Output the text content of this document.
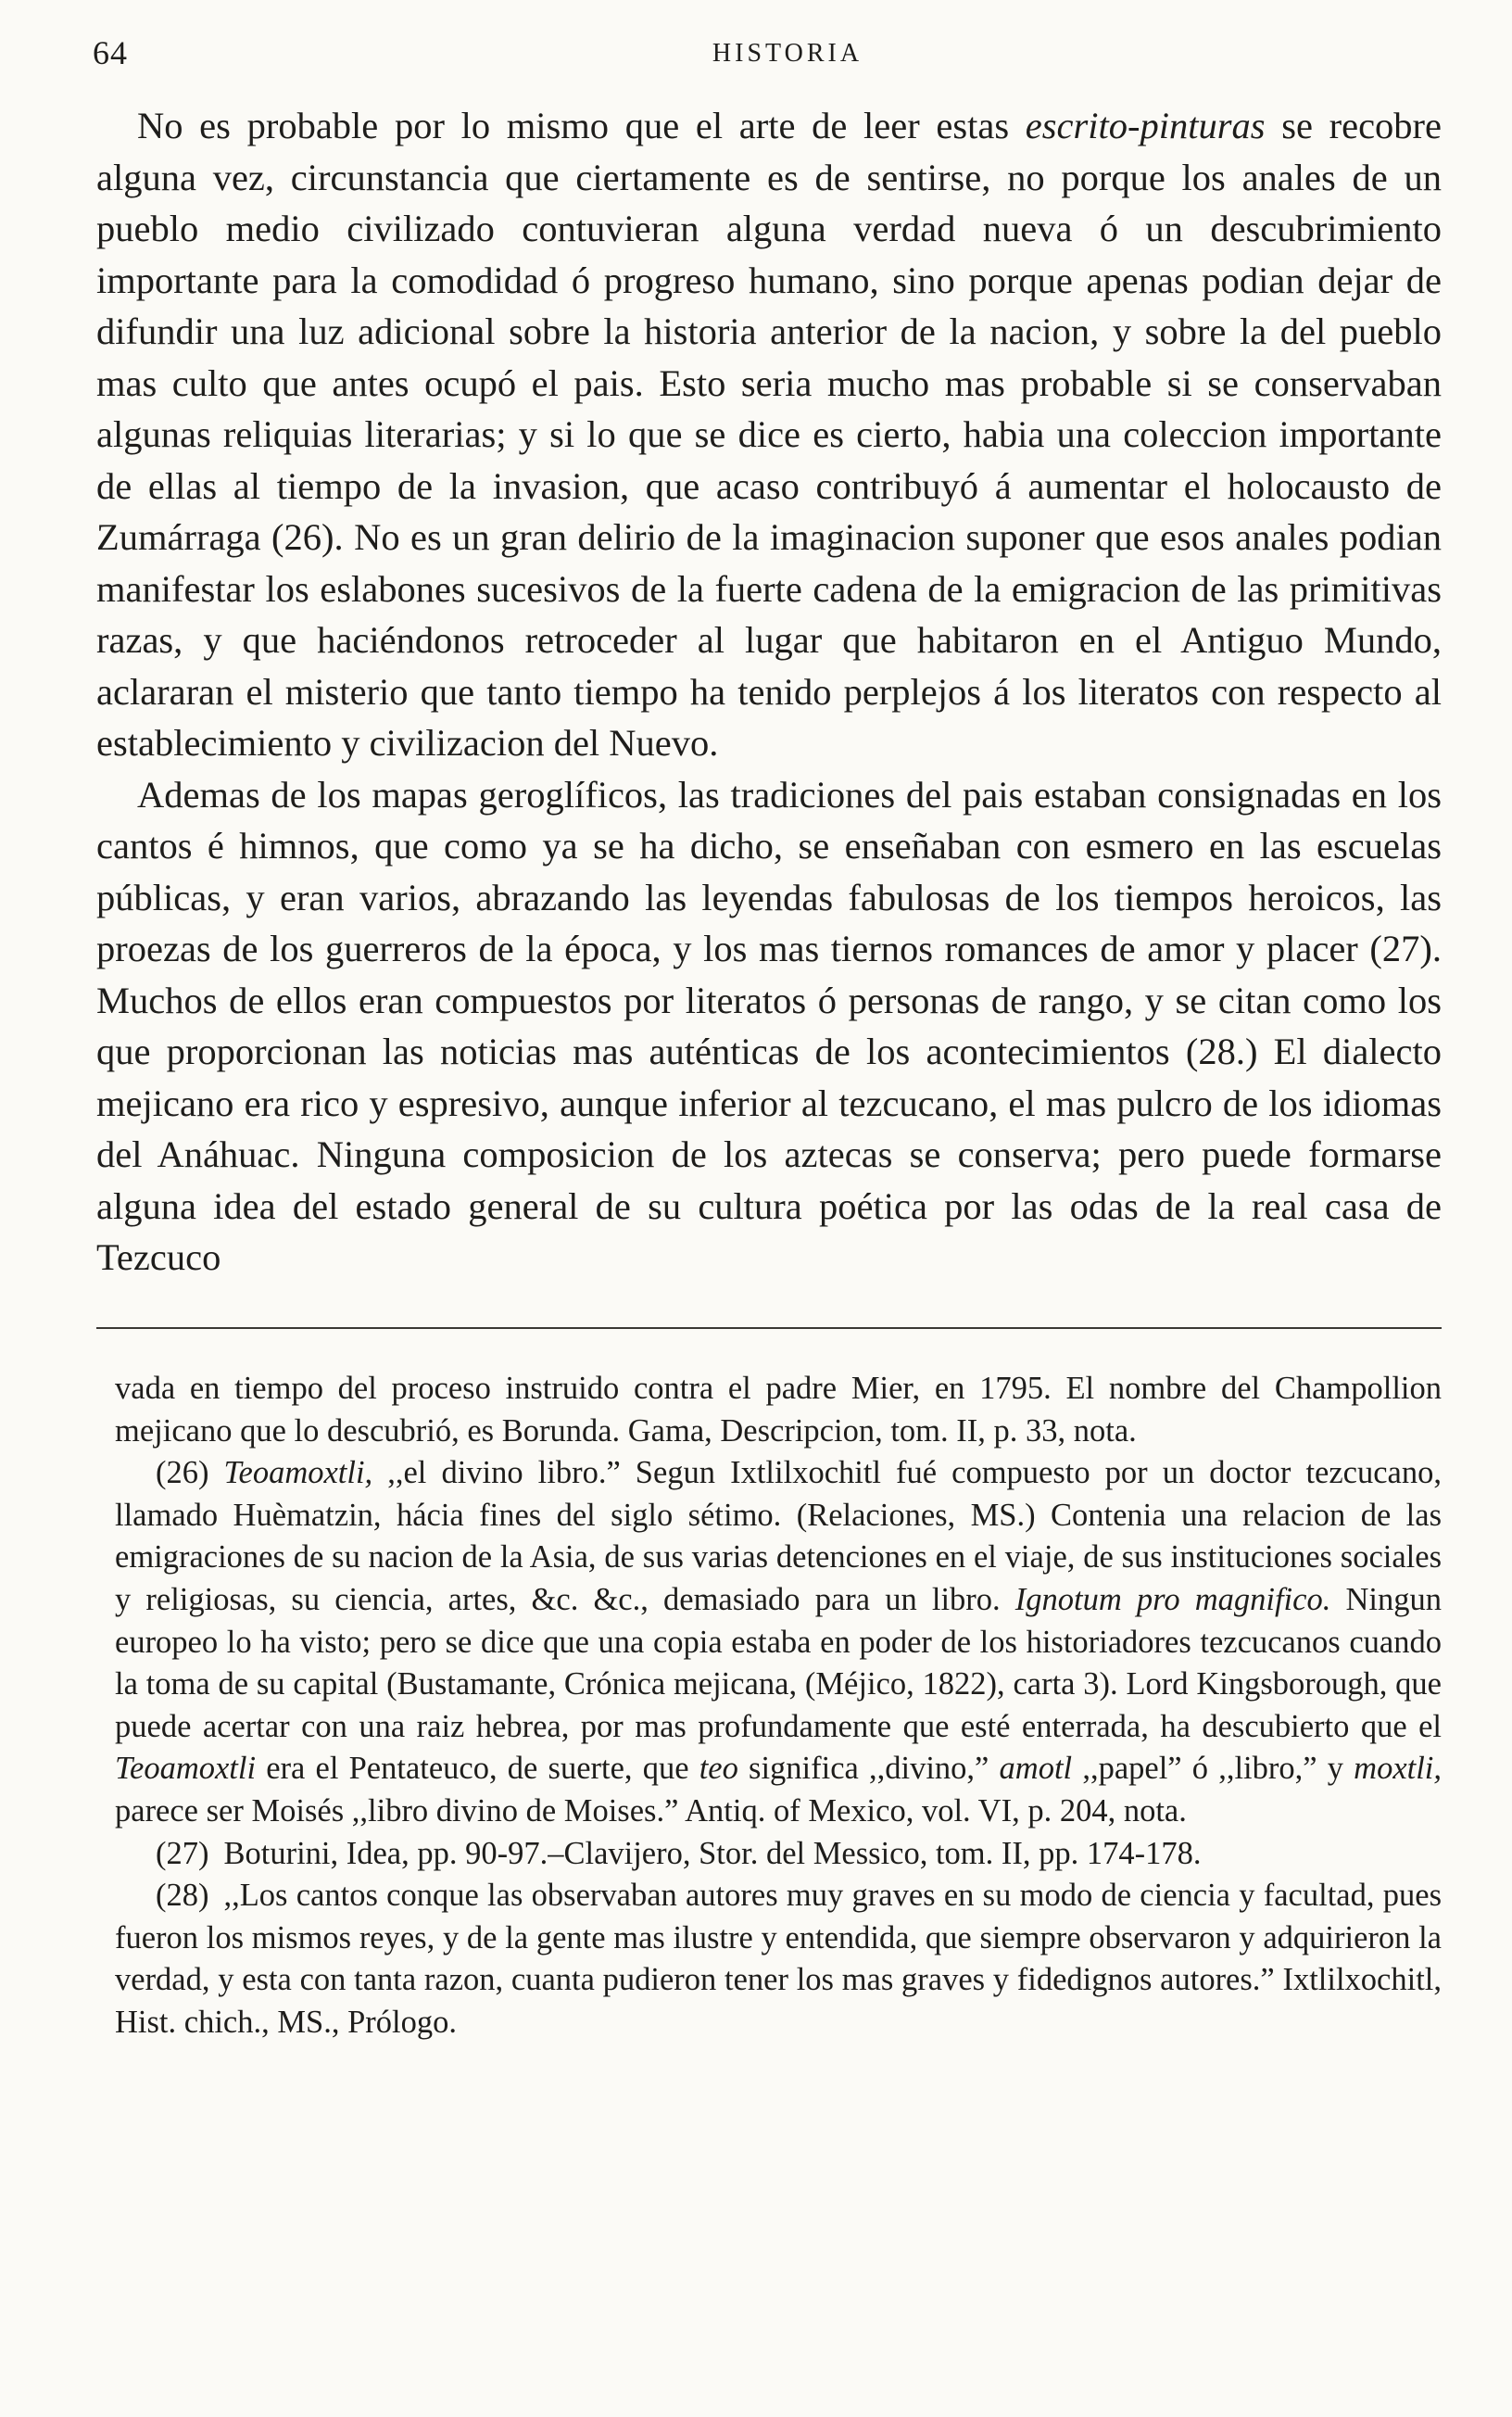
64	HISTORIA

No es probable por lo mismo que el arte de leer estas escrito-pinturas se recobre alguna vez, circunstancia que ciertamente es de sentirse, no porque los anales de un pueblo medio civilizado contuvieran alguna verdad nueva ó un descubrimiento importante para la comodidad ó progreso humano, sino porque apenas podian dejar de difundir una luz adicional sobre la historia anterior de la nacion, y sobre la del pueblo mas culto que antes ocupó el pais. Esto seria mucho mas probable si se conservaban algunas reliquias literarias; y si lo que se dice es cierto, habia una coleccion importante de ellas al tiempo de la invasion, que acaso contribuyó á aumentar el holocausto de Zumárraga (26). No es un gran delirio de la imaginacion suponer que esos anales podian manifestar los eslabones sucesivos de la fuerte cadena de la emigracion de las primitivas razas, y que haciéndonos retroceder al lugar que habitaron en el Antiguo Mundo, aclararan el misterio que tanto tiempo ha tenido perplejos á los literatos con respecto al establecimiento y civilizacion del Nuevo.

Ademas de los mapas geroglíficos, las tradiciones del pais estaban consignadas en los cantos é himnos, que como ya se ha dicho, se enseñaban con esmero en las escuelas públicas, y eran varios, abrazando las leyendas fabulosas de los tiempos heroicos, las proezas de los guerreros de la época, y los mas tiernos romances de amor y placer (27). Muchos de ellos eran compuestos por literatos ó personas de rango, y se citan como los que proporcionan las noticias mas auténticas de los acontecimientos (28.) El dialecto mejicano era rico y espresivo, aunque inferior al tezcucano, el mas pulcro de los idiomas del Anáhuac. Ninguna composicion de los aztecas se conserva; pero puede formarse alguna idea del estado general de su cultura poética por las odas de la real casa de Tezcuco

vada en tiempo del proceso instruido contra el padre Mier, en 1795. El nombre del Champollion mejicano que lo descubrió, es Borunda. Gama, Descripcion, tom. II, p. 33, nota.

(26) Teoamoxtli, ,,el divino libro.” Segun Ixtlilxochitl fué compuesto por un doctor tezcucano, llamado Huèmatzin, hácia fines del siglo sétimo. (Relaciones, MS.) Contenia una relacion de las emigraciones de su nacion de la Asia, de sus varias detenciones en el viaje, de sus instituciones sociales y religiosas, su ciencia, artes, &c. &c., demasiado para un libro. Ignotum pro magnifico. Ningun europeo lo ha visto; pero se dice que una copia estaba en poder de los historiadores tezcucanos cuando la toma de su capital (Bustamante, Crónica mejicana, (Méjico, 1822), carta 3). Lord Kingsborough, que puede acertar con una raiz hebrea, por mas profundamente que esté enterrada, ha descubierto que el Teoamoxtli era el Pentateuco, de suerte, que teo significa ,,divino,” amotl ,,papel” ó ,,libro,” y moxtli, parece ser Moisés ,,libro divino de Moises.” Antiq. of Mexico, vol. VI, p. 204, nota.

(27) Boturini, Idea, pp. 90-97.–Clavijero, Stor. del Messico, tom. II, pp. 174-178.

(28) ,,Los cantos conque las observaban autores muy graves en su modo de ciencia y facultad, pues fueron los mismos reyes, y de la gente mas ilustre y entendida, que siempre observaron y adquirieron la verdad, y esta con tanta razon, cuanta pudieron tener los mas graves y fidedignos autores.” Ixtlilxochitl, Hist. chich., MS., Prólogo.
